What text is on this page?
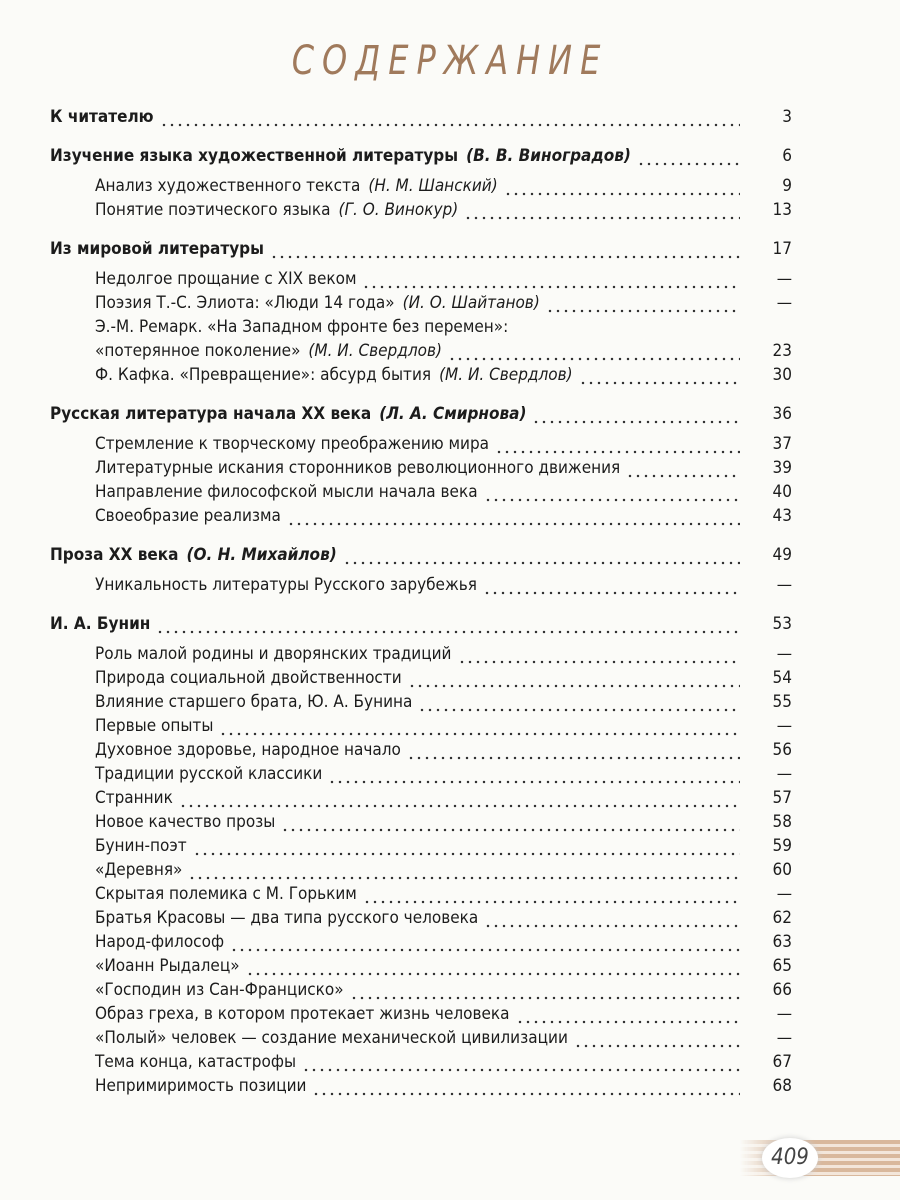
СОДЕРЖАНИЕ
К читателю	3
Изучение языка художественной литературы (В. В. Виноградов)	6
Анализ художественного текста (Н. М. Шанский)	9
Понятие поэтического языка (Г. О. Винокур)	13
Из мировой литературы	17
Недолгое прощание с XIX веком	—
Поэзия Т.-С. Элиота: «Люди 14 года» (И. О. Шайтанов)	—
Э.-М. Ремарк. «На Западном фронте без перемен»:
«потерянное поколение» (М. И. Свердлов)	23
Ф. Кафка. «Превращение»: абсурд бытия (М. И. Свердлов)	30
Русская литература начала XX века (Л. А. Смирнова)	36
Стремление к творческому преображению мира	37
Литературные искания сторонников революционного движения	39
Направление философской мысли начала века	40
Своеобразие реализма	43
Проза XX века (О. Н. Михайлов)	49
Уникальность литературы Русского зарубежья	—
И. А. Бунин	53
Роль малой родины и дворянских традиций	—
Природа социальной двойственности	54
Влияние старшего брата, Ю. А. Бунина	55
Первые опыты	—
Духовное здоровье, народное начало	56
Традиции русской классики	—
Странник	57
Новое качество прозы	58
Бунин-поэт	59
«Деревня»	60
Скрытая полемика с М. Горьким	—
Братья Красовы — два типа русского человека	62
Народ-философ	63
«Иоанн Рыдалец»	65
«Господин из Сан-Франциско»	66
Образ греха, в котором протекает жизнь человека	—
«Полый» человек — создание механической цивилизации	—
Тема конца, катастрофы	67
Непримиримость позиции	68
409
